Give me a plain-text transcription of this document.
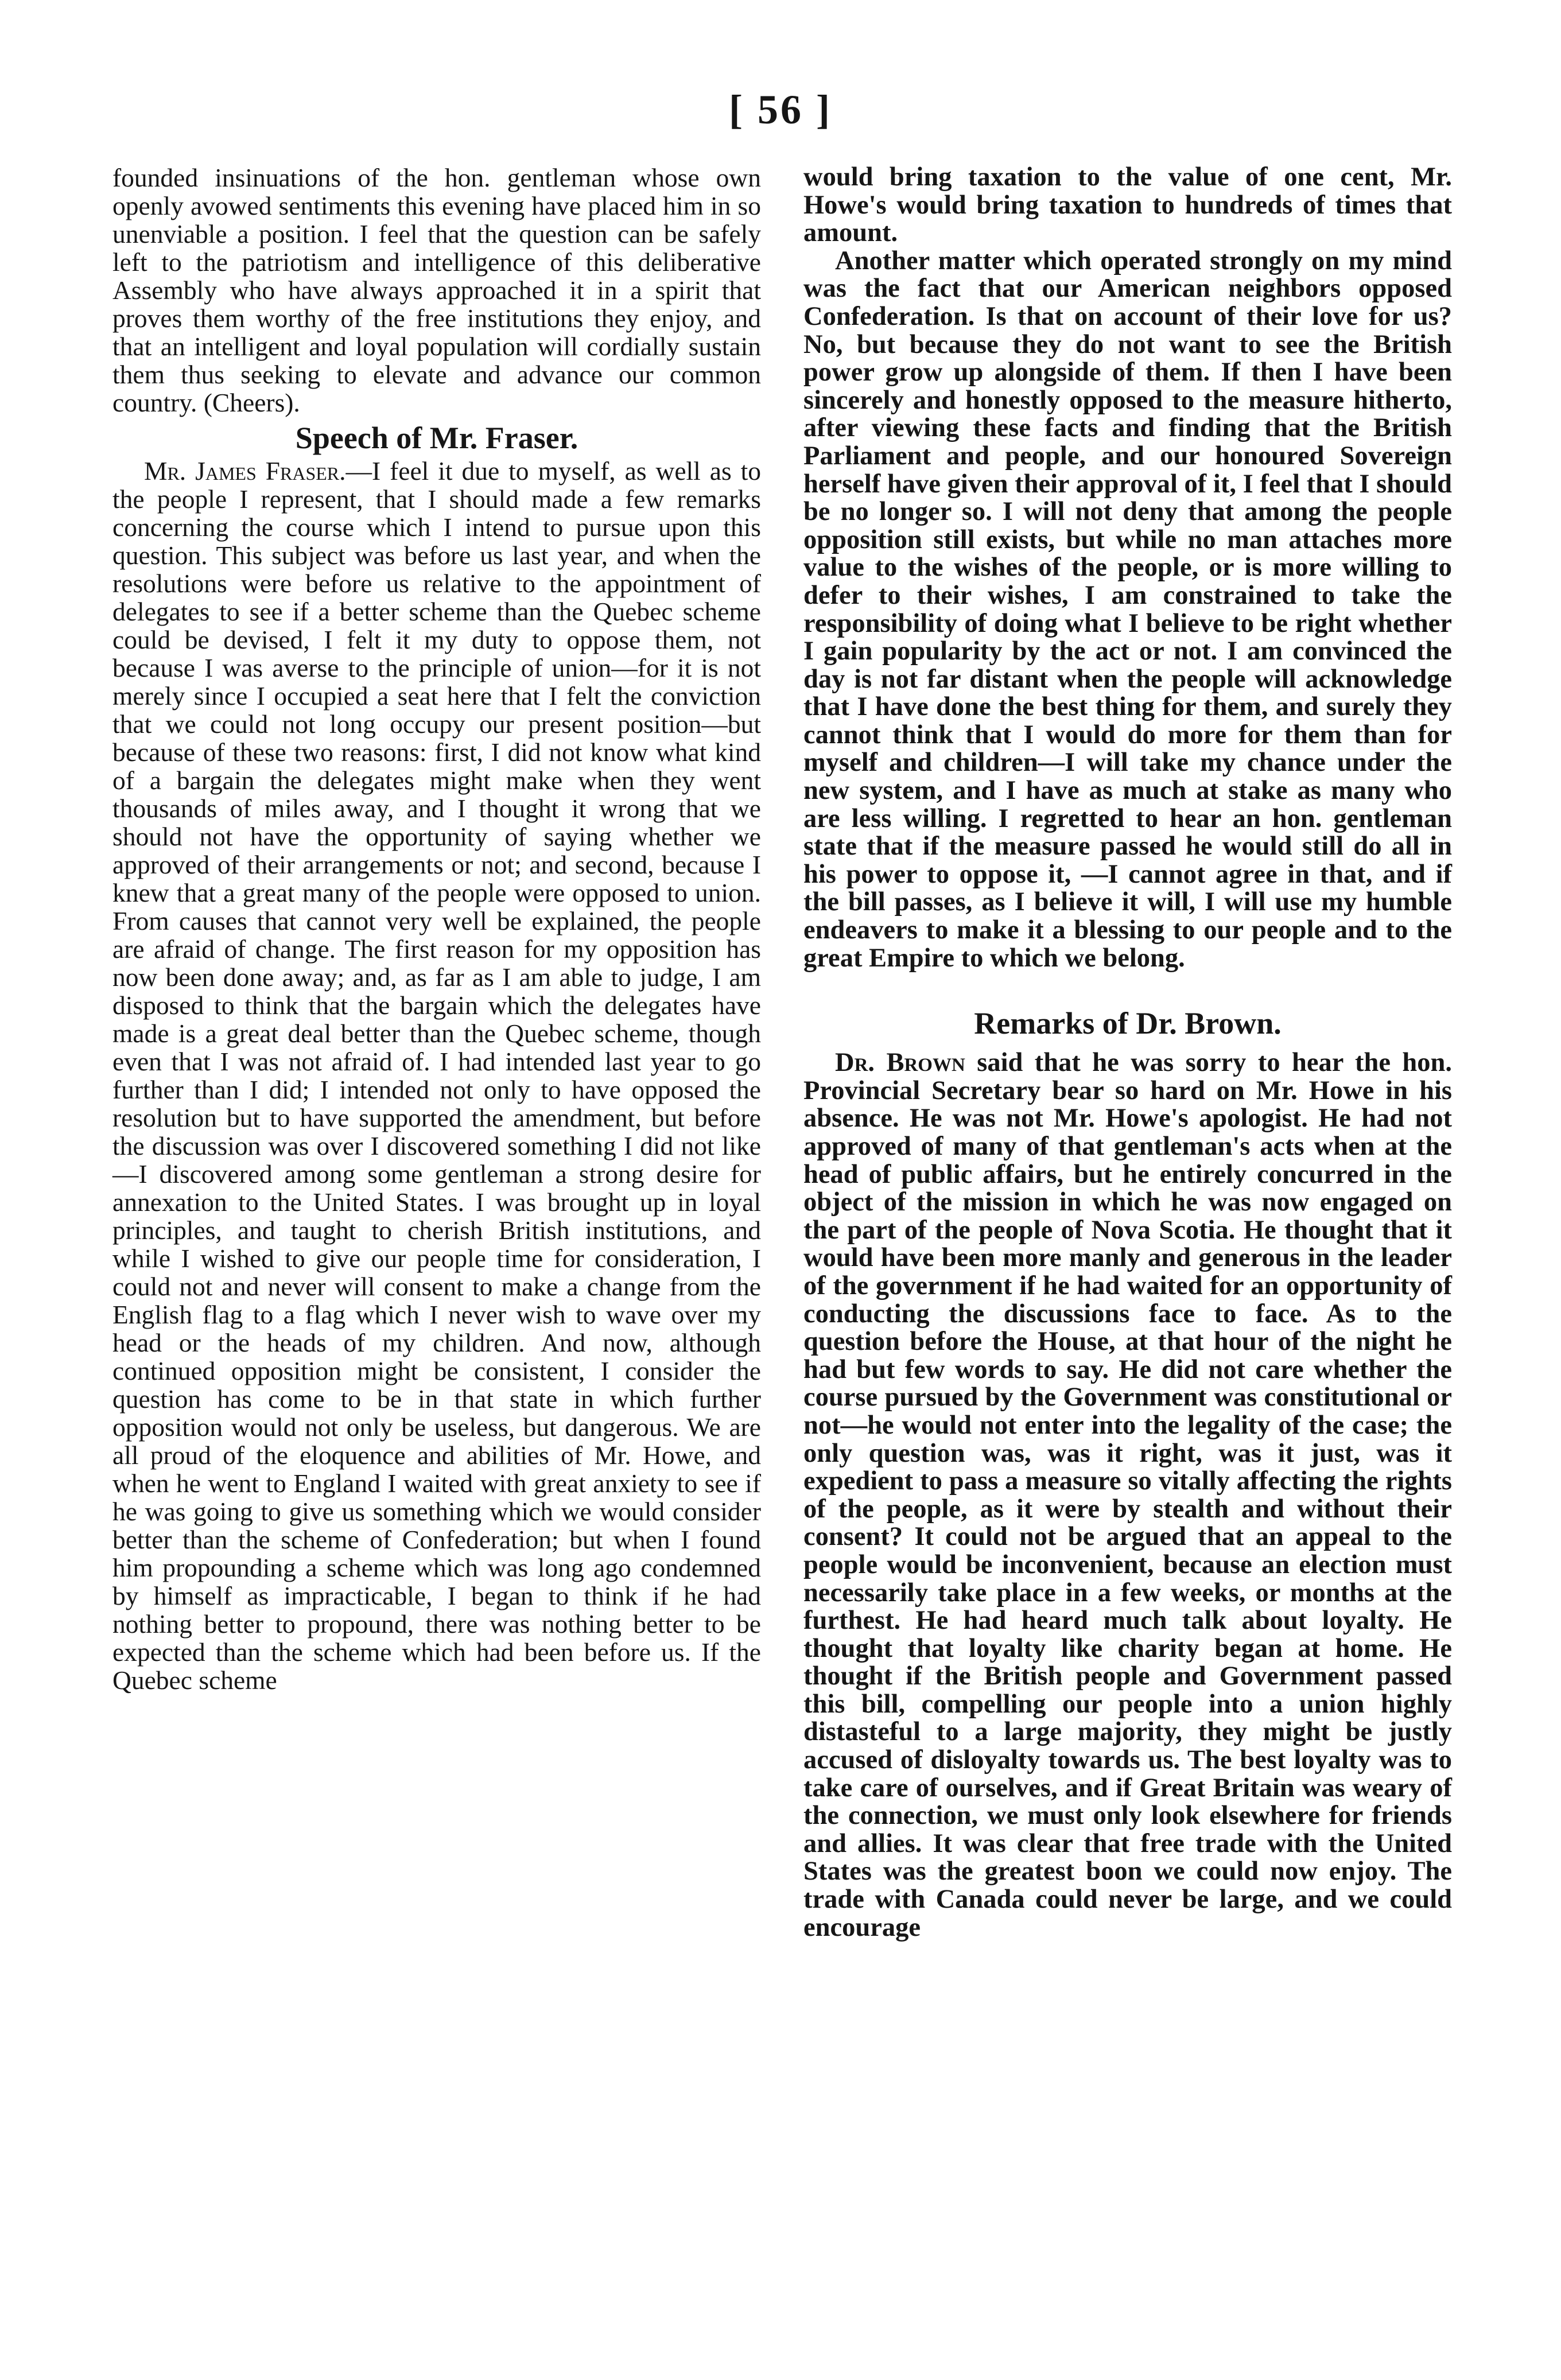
[ 56 ]

founded insinuations of the hon. gentleman whose own openly avowed sentiments this evening have placed him in so unenviable a position. I feel that the question can be safely left to the patriotism and intelligence of this deliberative Assembly who have always approached it in a spirit that proves them worthy of the free institutions they enjoy, and that an intelligent and loyal population will cordially sustain them thus seeking to elevate and advance our common country. (Cheers).

Speech of Mr. Fraser.

Mr. James Fraser.—I feel it due to myself, as well as to the people I represent, that I should made a few remarks concerning the course which I intend to pursue upon this question. This subject was before us last year, and when the resolutions were before us relative to the appointment of delegates to see if a better scheme than the Quebec scheme could be devised, I felt it my duty to oppose them, not because I was averse to the principle of union—for it is not merely since I occupied a seat here that I felt the conviction that we could not long occupy our present position—but because of these two reasons: first, I did not know what kind of a bargain the delegates might make when they went thousands of miles away, and I thought it wrong that we should not have the opportunity of saying whether we approved of their arrangements or not; and second, because I knew that a great many of the people were opposed to union. From causes that cannot very well be explained, the people are afraid of change. The first reason for my opposition has now been done away; and, as far as I am able to judge, I am disposed to think that the bargain which the delegates have made is a great deal better than the Quebec scheme, though even that I was not afraid of. I had intended last year to go further than I did; I intended not only to have opposed the resolution but to have supported the amendment, but before the discussion was over I discovered something I did not like—I discovered among some gentleman a strong desire for annexation to the United States. I was brought up in loyal principles, and taught to cherish British institutions, and while I wished to give our people time for consideration, I could not and never will consent to make a change from the English flag to a flag which I never wish to wave over my head or the heads of my children. And now, although continued opposition might be consistent, I consider the question has come to be in that state in which further opposition would not only be useless, but dangerous. We are all proud of the eloquence and abilities of Mr. Howe, and when he went to England I waited with great anxiety to see if he was going to give us something which we would consider better than the scheme of Confederation; but when I found him propounding a scheme which was long ago condemned by himself as impracticable, I began to think if he had nothing better to propound, there was nothing better to be expected than the scheme which had been before us. If the Quebec scheme

would bring taxation to the value of one cent, Mr. Howe's would bring taxation to hundreds of times that amount.

Another matter which operated strongly on my mind was the fact that our American neighbors opposed Confederation. Is that on account of their love for us? No, but because they do not want to see the British power grow up alongside of them. If then I have been sincerely and honestly opposed to the measure hitherto, after viewing these facts and finding that the British Parliament and people, and our honoured Sovereign herself have given their approval of it, I feel that I should be no longer so. I will not deny that among the people opposition still exists, but while no man attaches more value to the wishes of the people, or is more willing to defer to their wishes, I am constrained to take the responsibility of doing what I believe to be right whether I gain popularity by the act or not. I am convinced the day is not far distant when the people will acknowledge that I have done the best thing for them, and surely they cannot think that I would do more for them than for myself and children—I will take my chance under the new system, and I have as much at stake as many who are less willing. I regretted to hear an hon. gentleman state that if the measure passed he would still do all in his power to oppose it, —I cannot agree in that, and if the bill passes, as I believe it will, I will use my humble endeavers to make it a blessing to our people and to the great Empire to which we belong.

Remarks of Dr. Brown.

Dr. Brown said that he was sorry to hear the hon. Provincial Secretary bear so hard on Mr. Howe in his absence. He was not Mr. Howe's apologist. He had not approved of many of that gentleman's acts when at the head of public affairs, but he entirely concurred in the object of the mission in which he was now engaged on the part of the people of Nova Scotia. He thought that it would have been more manly and generous in the leader of the government if he had waited for an opportunity of conducting the discussions face to face. As to the question before the House, at that hour of the night he had but few words to say. He did not care whether the course pursued by the Government was constitutional or not—he would not enter into the legality of the case; the only question was, was it right, was it just, was it expedient to pass a measure so vitally affecting the rights of the people, as it were by stealth and without their consent? It could not be argued that an appeal to the people would be inconvenient, because an election must necessarily take place in a few weeks, or months at the furthest. He had heard much talk about loyalty. He thought that loyalty like charity began at home. He thought if the British people and Government passed this bill, compelling our people into a union highly distasteful to a large majority, they might be justly accused of disloyalty towards us. The best loyalty was to take care of ourselves, and if Great Britain was weary of the connection, we must only look elsewhere for friends and allies. It was clear that free trade with the United States was the greatest boon we could now enjoy. The trade with Canada could never be large, and we could encourage
